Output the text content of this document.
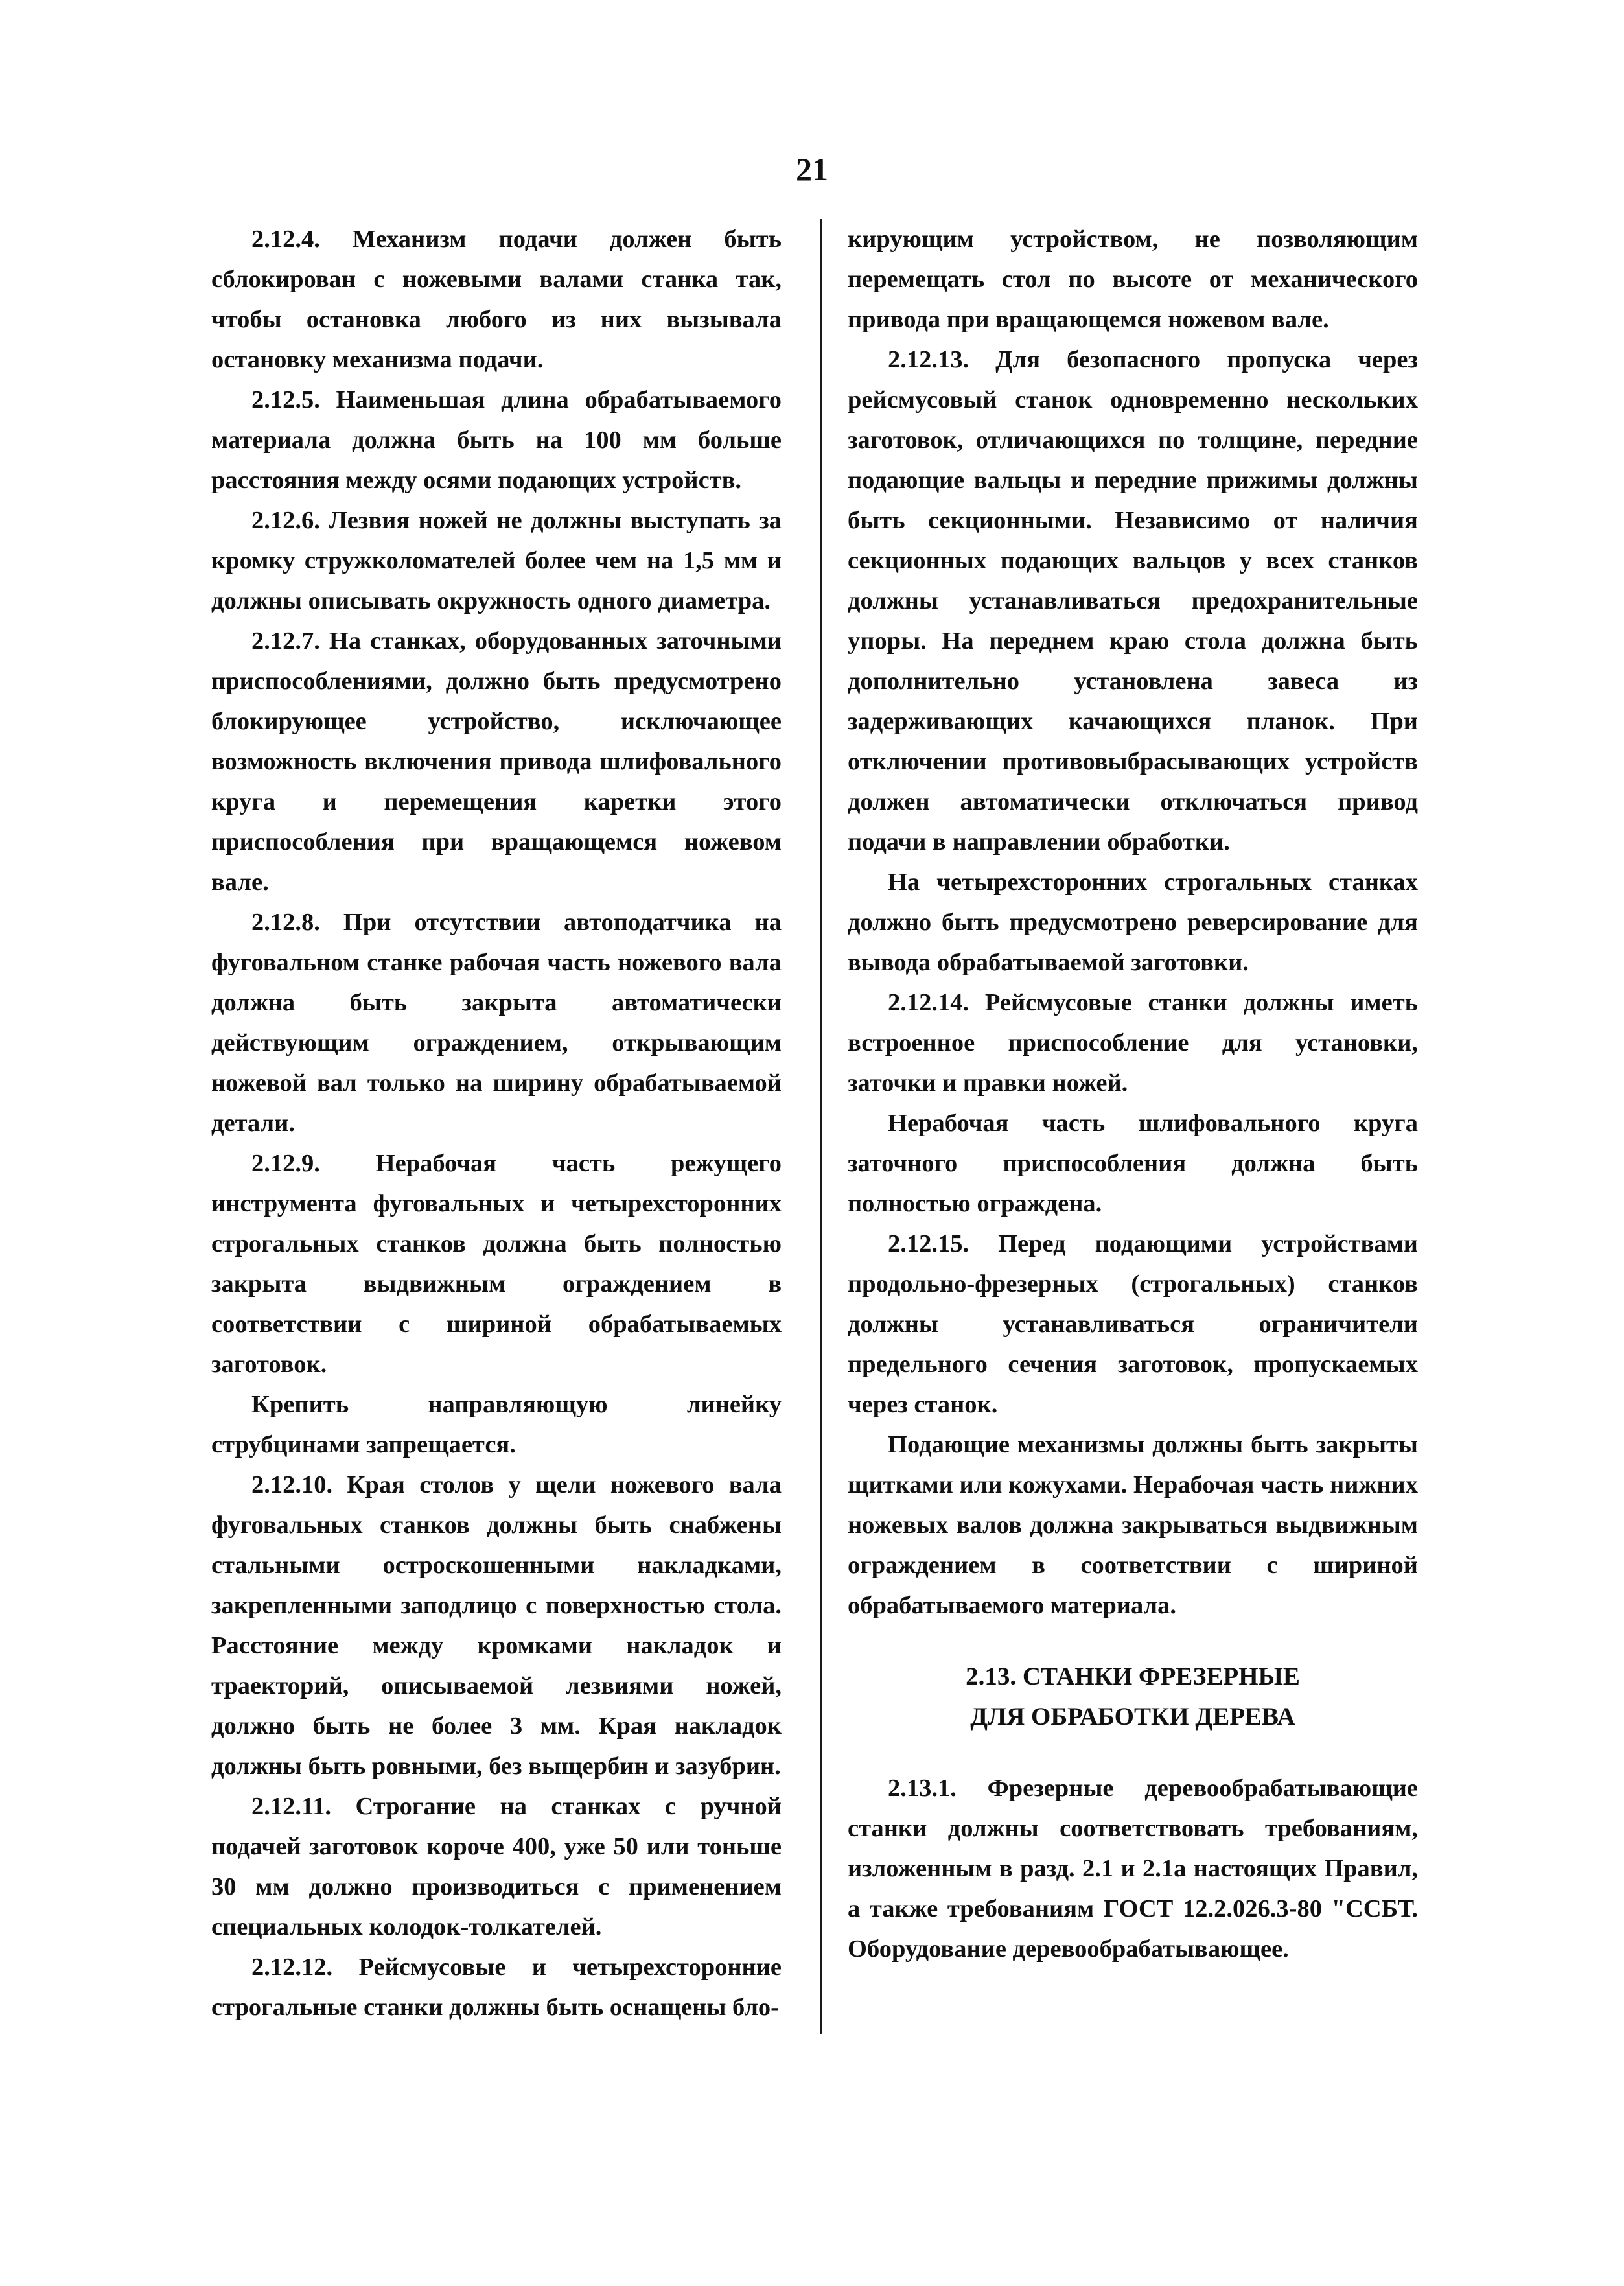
21

2.12.4. Механизм подачи должен быть сблокирован с ножевыми валами станка так, чтобы остановка любого из них вызывала остановку механизма подачи.

2.12.5. Наименьшая длина обрабатываемого материала должна быть на 100 мм больше расстояния между осями подающих устройств.

2.12.6. Лезвия ножей не должны выступать за кромку стружколомателей более чем на 1,5 мм и должны описывать окружность одного диаметра.

2.12.7. На станках, оборудованных заточными приспособлениями, должно быть предусмотрено блокирующее устройство, исключающее возможность включения привода шлифовального круга и перемещения каретки этого приспособления при вращающемся ножевом вале.

2.12.8. При отсутствии автоподатчика на фуговальном станке рабочая часть ножевого вала должна быть закрыта автоматически действующим ограждением, открывающим ножевой вал только на ширину обрабатываемой детали.

2.12.9. Нерабочая часть режущего инструмента фуговальных и четырехсторонних строгальных станков должна быть полностью закрыта выдвижным ограждением в соответствии с шириной обрабатываемых заготовок.

Крепить направляющую линейку струбцинами запрещается.

2.12.10. Края столов у щели ножевого вала фуговальных станков должны быть снабжены стальными остроскошенными накладками, закрепленными заподлицо с поверхностью стола. Расстояние между кромками накладок и траекторий, описываемой лезвиями ножей, должно быть не более 3 мм. Края накладок должны быть ровными, без выщербин и зазубрин.

2.12.11. Строгание на станках с ручной подачей заготовок короче 400, уже 50 или тоньше 30 мм должно производиться с применением специальных колодок-толкателей.

2.12.12. Рейсмусовые и четырехсторонние строгальные станки должны быть оснащены бло-

кирующим устройством, не позволяющим перемещать стол по высоте от механического привода при вращающемся ножевом вале.

2.12.13. Для безопасного пропуска через рейсмусовый станок одновременно нескольких заготовок, отличающихся по толщине, передние подающие вальцы и передние прижимы должны быть секционными. Независимо от наличия секционных подающих вальцов у всех станков должны устанавливаться предохранительные упоры. На переднем краю стола должна быть дополнительно установлена завеса из задерживающих качающихся планок. При отключении противовыбрасывающих устройств должен автоматически отключаться привод подачи в направлении обработки.

На четырехсторонних строгальных станках должно быть предусмотрено реверсирование для вывода обрабатываемой заготовки.

2.12.14. Рейсмусовые станки должны иметь встроенное приспособление для установки, заточки и правки ножей.

Нерабочая часть шлифовального круга заточного приспособления должна быть полностью ограждена.

2.12.15. Перед подающими устройствами продольно-фрезерных (строгальных) станков должны устанавливаться ограничители предельного сечения заготовок, пропускаемых через станок.

Подающие механизмы должны быть закрыты щитками или кожухами. Нерабочая часть нижних ножевых валов должна закрываться выдвижным ограждением в соответствии с шириной обрабатываемого материала.

2.13. СТАНКИ ФРЕЗЕРНЫЕ
ДЛЯ ОБРАБОТКИ ДЕРЕВА

2.13.1. Фрезерные деревообрабатывающие станки должны соответствовать требованиям, изложенным в разд. 2.1 и 2.1а настоящих Правил, а также требованиям ГОСТ 12.2.026.3-80 "ССБТ. Оборудование деревообрабатывающее.
